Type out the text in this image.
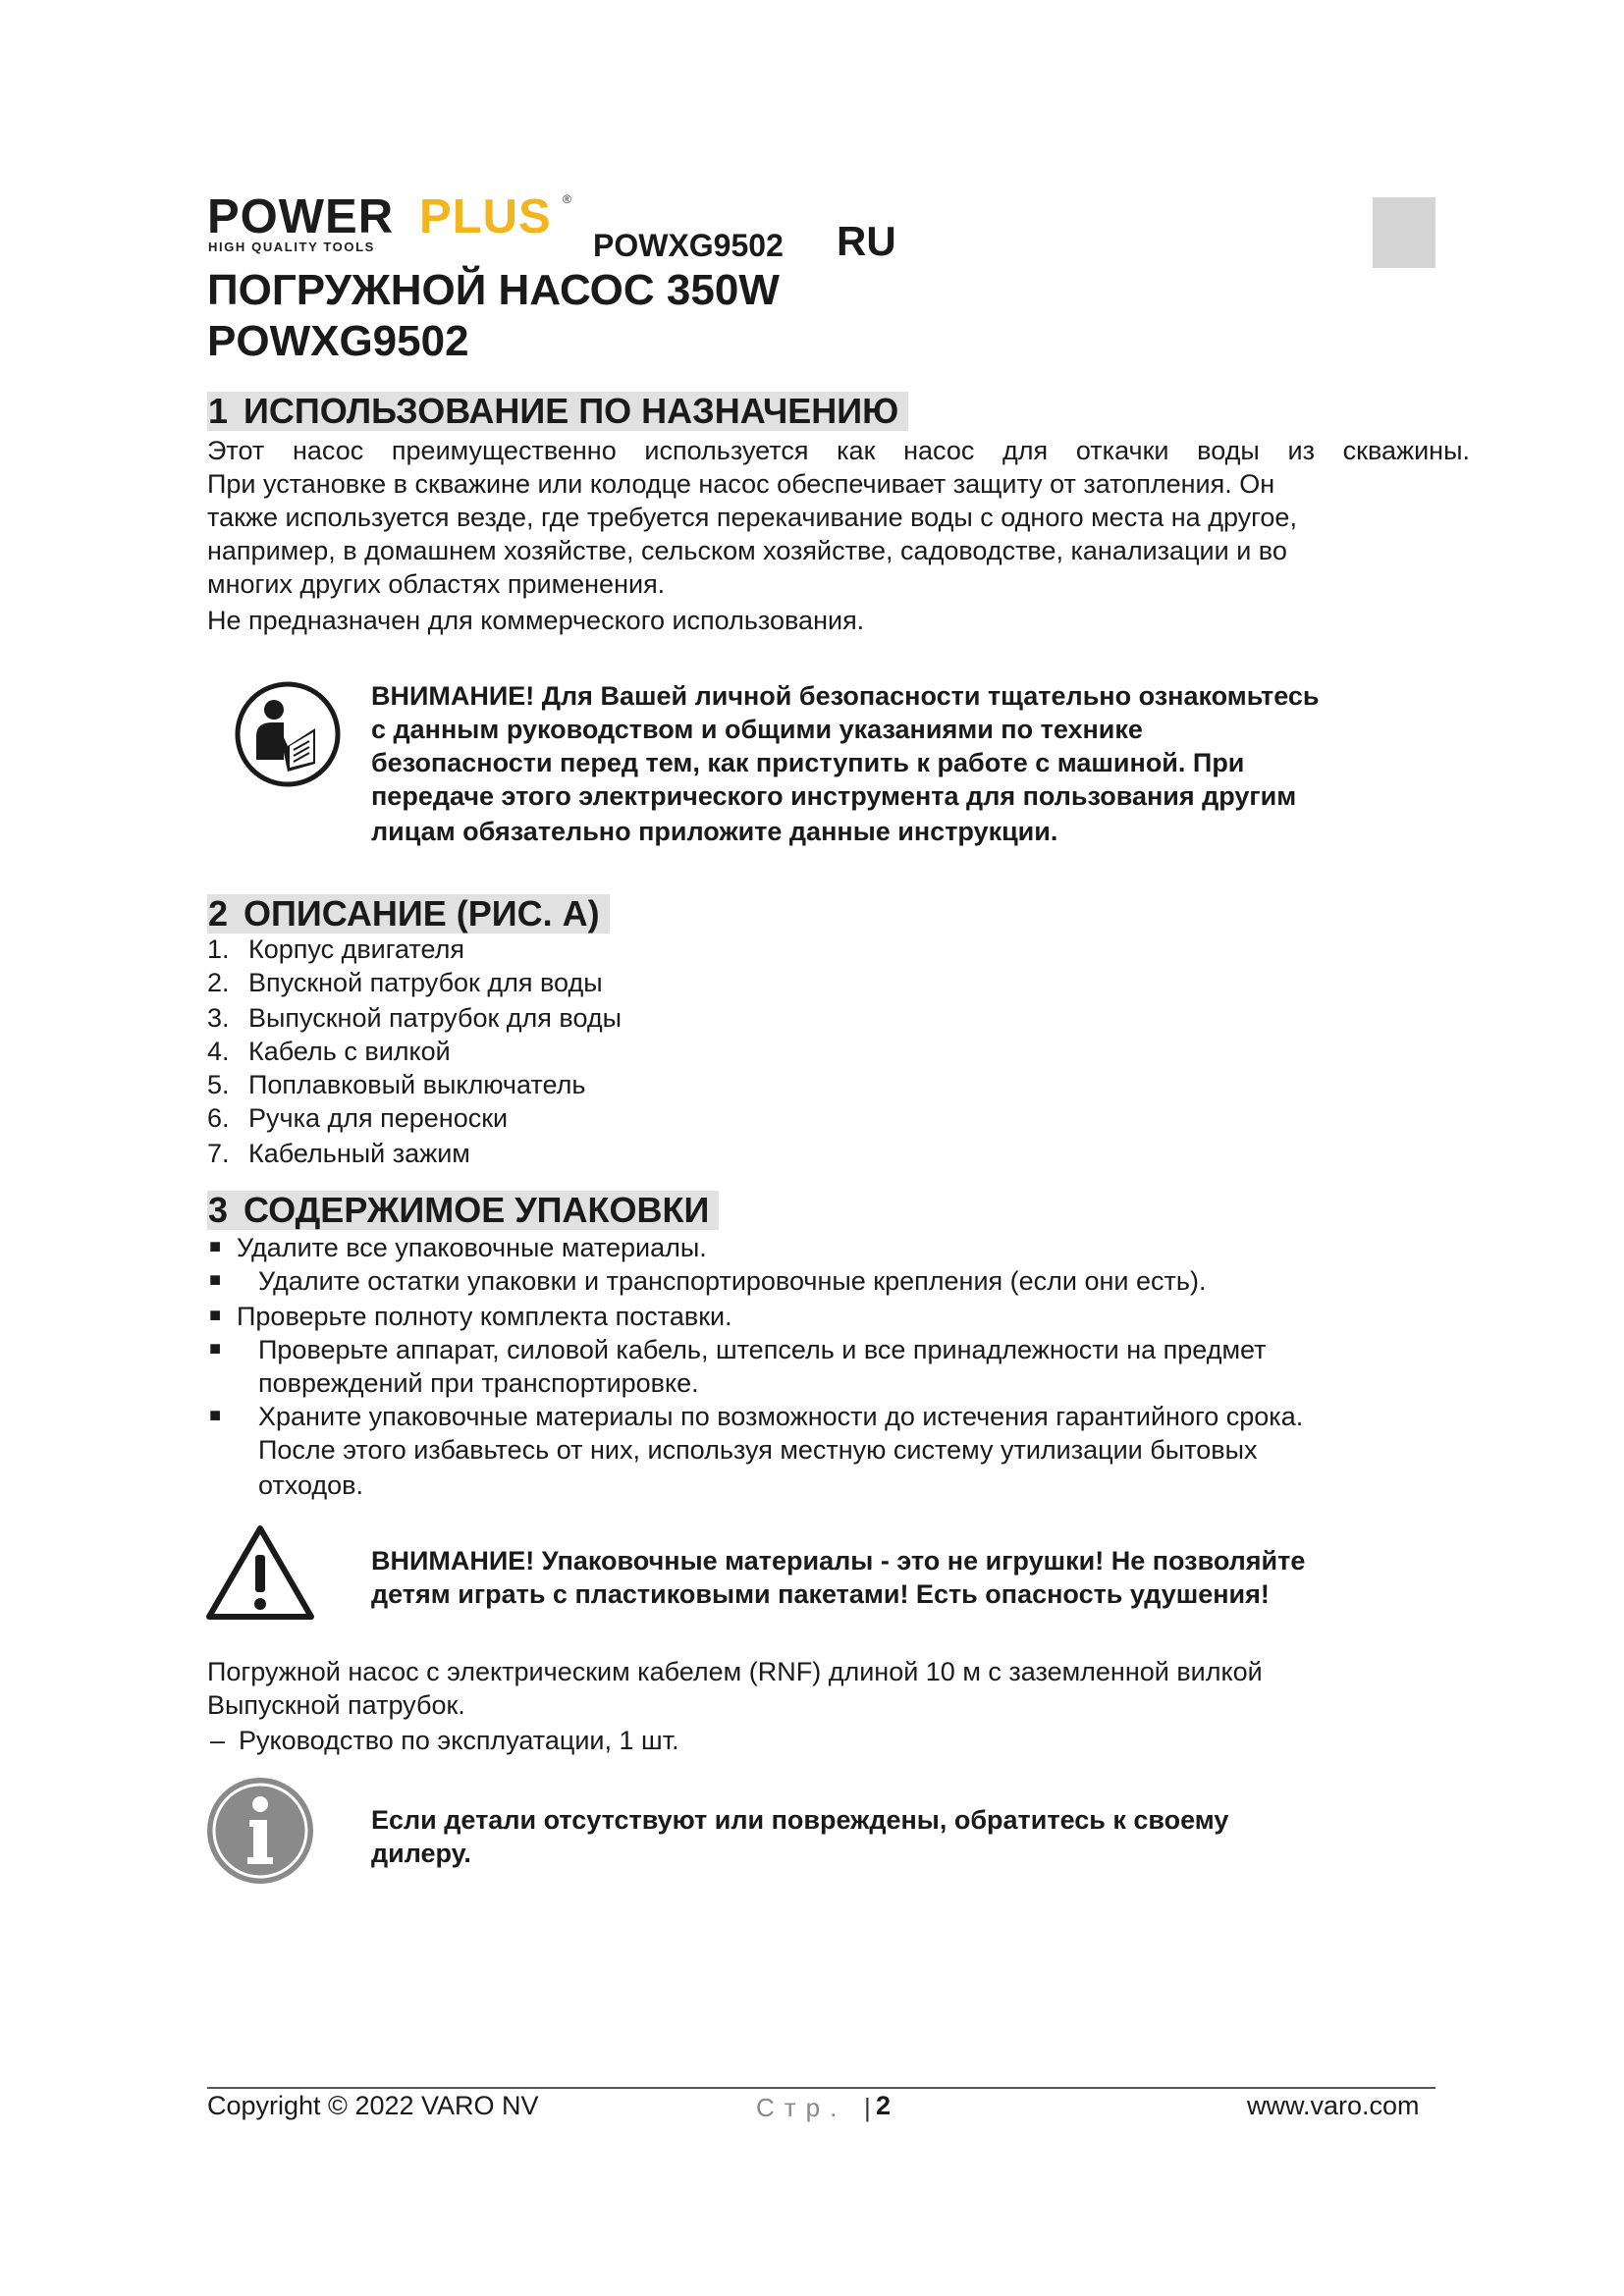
POWER PLUS ®
HIGH QUALITY TOOLS	POWXG9502 RU
ПОГРУЖНОЙ НАСОС 350W
POWXG9502
1 ИСПОЛЬЗОВАНИЕ ПО НАЗНАЧЕНИЮ
Этот насос преимущественно используется как насос для откачки воды из скважины.
При установке в скважине или колодце насос обеспечивает защиту от затопления. Он
также используется везде, где требуется перекачивание воды с одного места на другое,
например, в домашнем хозяйстве, сельском хозяйстве, садоводстве, канализации и во
многих других областях применения.
Не предназначен для коммерческого использования.
ВНИМАНИЕ! Для Вашей личной безопасности тщательно ознакомьтесь
с данным руководством и общими указаниями по технике
безопасности перед тем, как приступить к работе с машиной. При
передаче этого электрического инструмента для пользования другим
лицам обязательно приложите данные инструкции.
2 ОПИСАНИЕ (РИС. A)
1. Корпус двигателя
2. Впускной патрубок для воды
3. Выпускной патрубок для воды
4. Кабель с вилкой
5. Поплавковый выключатель
6. Ручка для переноски
7. Кабельный зажим
3 СОДЕРЖИМОЕ УПАКОВКИ
■ Удалите все упаковочные материалы.
■ Удалите остатки упаковки и транспортировочные крепления (если они есть).
■ Проверьте полноту комплекта поставки.
■ Проверьте аппарат, силовой кабель, штепсель и все принадлежности на предмет
повреждений при транспортировке.
■ Храните упаковочные материалы по возможности до истечения гарантийного срока.
После этого избавьтесь от них, используя местную систему утилизации бытовых
отходов.
ВНИМАНИЕ! Упаковочные материалы - это не игрушки! Не позволяйте
детям играть с пластиковыми пакетами! Есть опасность удушения!
Погружной насос с электрическим кабелем (RNF) длиной 10 м с заземленной вилкой
Выпускной патрубок.
– Руководство по эксплуатации, 1 шт.
Если детали отсутствуют или повреждены, обратитесь к своему
дилеру.
Copyright © 2022 VARO NV	Стр. | 2	www.varo.com
